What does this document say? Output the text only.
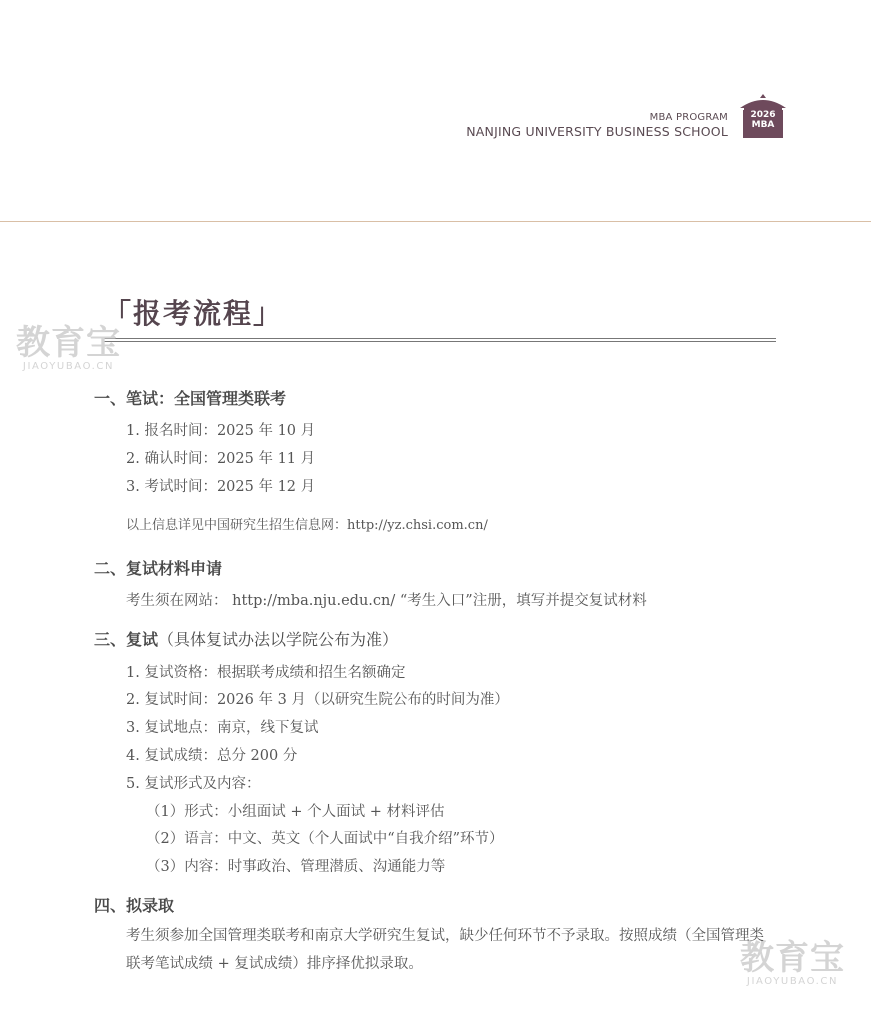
MBA PROGRAM
NANJING UNIVERSITY BUSINESS SCHOOL
2026
MBA
「报考流程」
教育宝
JIAOYUBAO.CN
教育宝
JIAOYUBAO.CN
一、笔试：全国管理类联考
1. 报名时间：2025 年 10 月
2. 确认时间：2025 年 11 月
3. 考试时间：2025 年 12 月
以上信息详见中国研究生招生信息网：http://yz.chsi.com.cn/
二、复试材料申请
考生须在网站： http://mba.nju.edu.cn/ “考生入口”注册，填写并提交复试材料
三、复试（具体复试办法以学院公布为准）
1. 复试资格：根据联考成绩和招生名额确定
2. 复试时间：2026 年 3 月（以研究生院公布的时间为准）
3. 复试地点：南京，线下复试
4. 复试成绩：总分 200 分
5. 复试形式及内容：
（1）形式：小组面试 + 个人面试 + 材料评估
（2）语言：中文、英文（个人面试中“自我介绍”环节）
（3）内容：时事政治、管理潜质、沟通能力等
四、拟录取
考生须参加全国管理类联考和南京大学研究生复试，缺少任何环节不予录取。按照成绩（全国管理类联考笔试成绩 + 复试成绩）排序择优拟录取。
